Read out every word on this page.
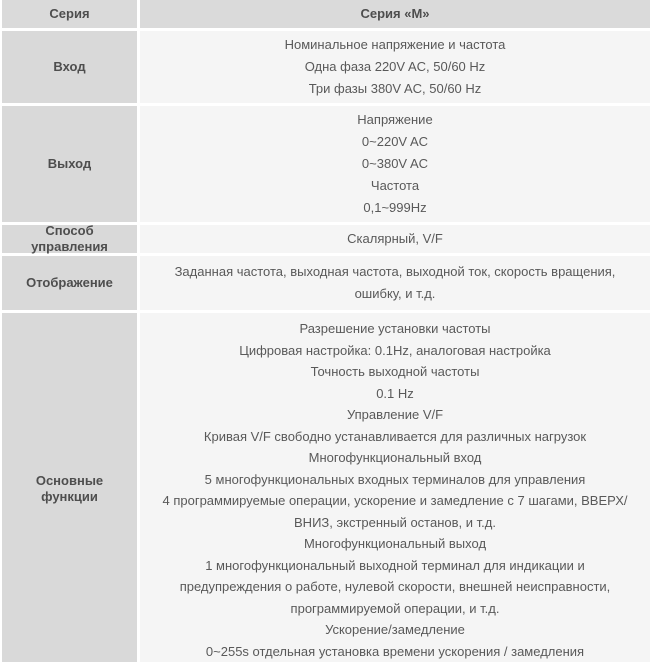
Серия	Серия «М»
Вход
Номинальное напряжение и частота
Одна фаза 220V AC, 50/60 Hz
Три фазы 380V AC, 50/60 Hz
Выход
Напряжение
0~220V AC
0~380V AC
Частота
0,1~999Hz
Способ управления
Скалярный, V/F
Отображение
Заданная частота, выходная частота, выходной ток, скорость вращения, ошибку, и т.д.
Основные функции
Разрешение установки частоты
Цифровая настройка: 0.1Hz, аналоговая настройка
Точность выходной частоты
0.1 Hz
Управление V/F
Кривая V/F свободно устанавливается для различных нагрузок
Многофункциональный вход
5 многофункциональных входных терминалов для управления
4 программируемые операции, ускорение и замедление с 7 шагами, ВВЕРХ/ВНИЗ, экстренный останов, и т.д.
Многофункциональный выход
1 многофункциональный выходной терминал для индикации и предупреждения о работе, нулевой скорости, внешней неисправности, программируемой операции, и т.д.
Ускорение/замедление
0~255s отдельная установка времени ускорения / замедления
